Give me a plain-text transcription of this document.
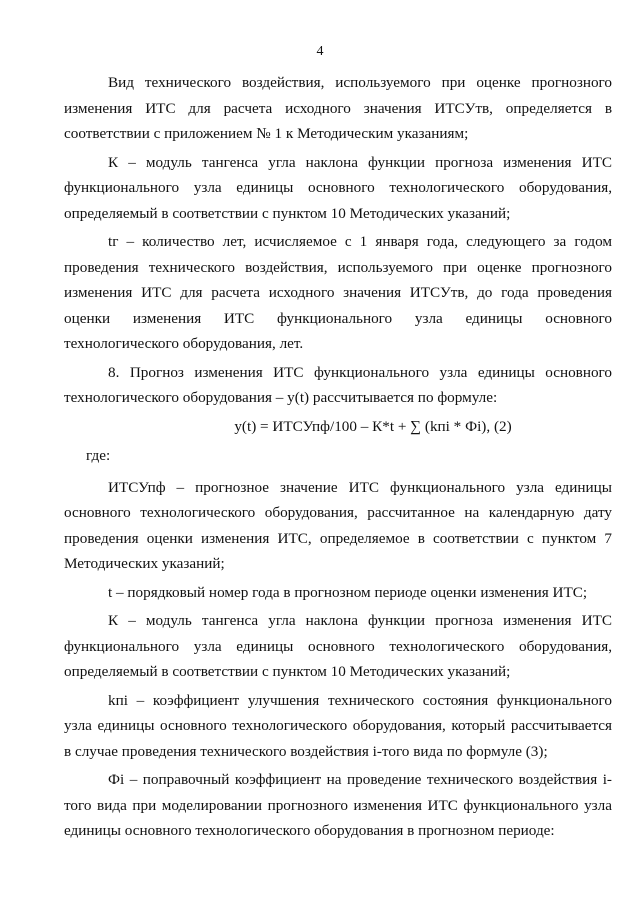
4

Вид технического воздействия, используемого при оценке прогнозного изменения ИТС для расчета исходного значения ИТСУтв, определяется в соответствии с приложением № 1 к Методическим указаниям;

К – модуль тангенса угла наклона функции прогноза изменения ИТС функционального узла единицы основного технологического оборудования, определяемый в соответствии с пунктом 10 Методических указаний;

tг – количество лет, исчисляемое с 1 января года, следующего за годом проведения технического воздействия, используемого при оценке прогнозного изменения ИТС для расчета исходного значения ИТСУтв, до года проведения оценки изменения ИТС функционального узла единицы основного технологического оборудования, лет.

8. Прогноз изменения ИТС функционального узла единицы основного технологического оборудования – y(t) рассчитывается по формуле:

y(t) = ИТСУпф/100 – К*t + ∑ (kпi * Фi), (2)
где:

ИТСУпф – прогнозное значение ИТС функционального узла единицы основного технологического оборудования, рассчитанное на календарную дату проведения оценки изменения ИТС, определяемое в соответствии с пунктом 7 Методических указаний;

t – порядковый номер года в прогнозном периоде оценки изменения ИТС;

К – модуль тангенса угла наклона функции прогноза изменения ИТС функционального узла единицы основного технологического оборудования, определяемый в соответствии с пунктом 10 Методических указаний;

kпi – коэффициент улучшения технического состояния функционального узла единицы основного технологического оборудования, который рассчитывается в случае проведения технического воздействия i-того вида по формуле (3);

Фi – поправочный коэффициент на проведение технического воздействия i-того вида при моделировании прогнозного изменения ИТС функционального узла единицы основного технологического оборудования в прогнозном периоде:
